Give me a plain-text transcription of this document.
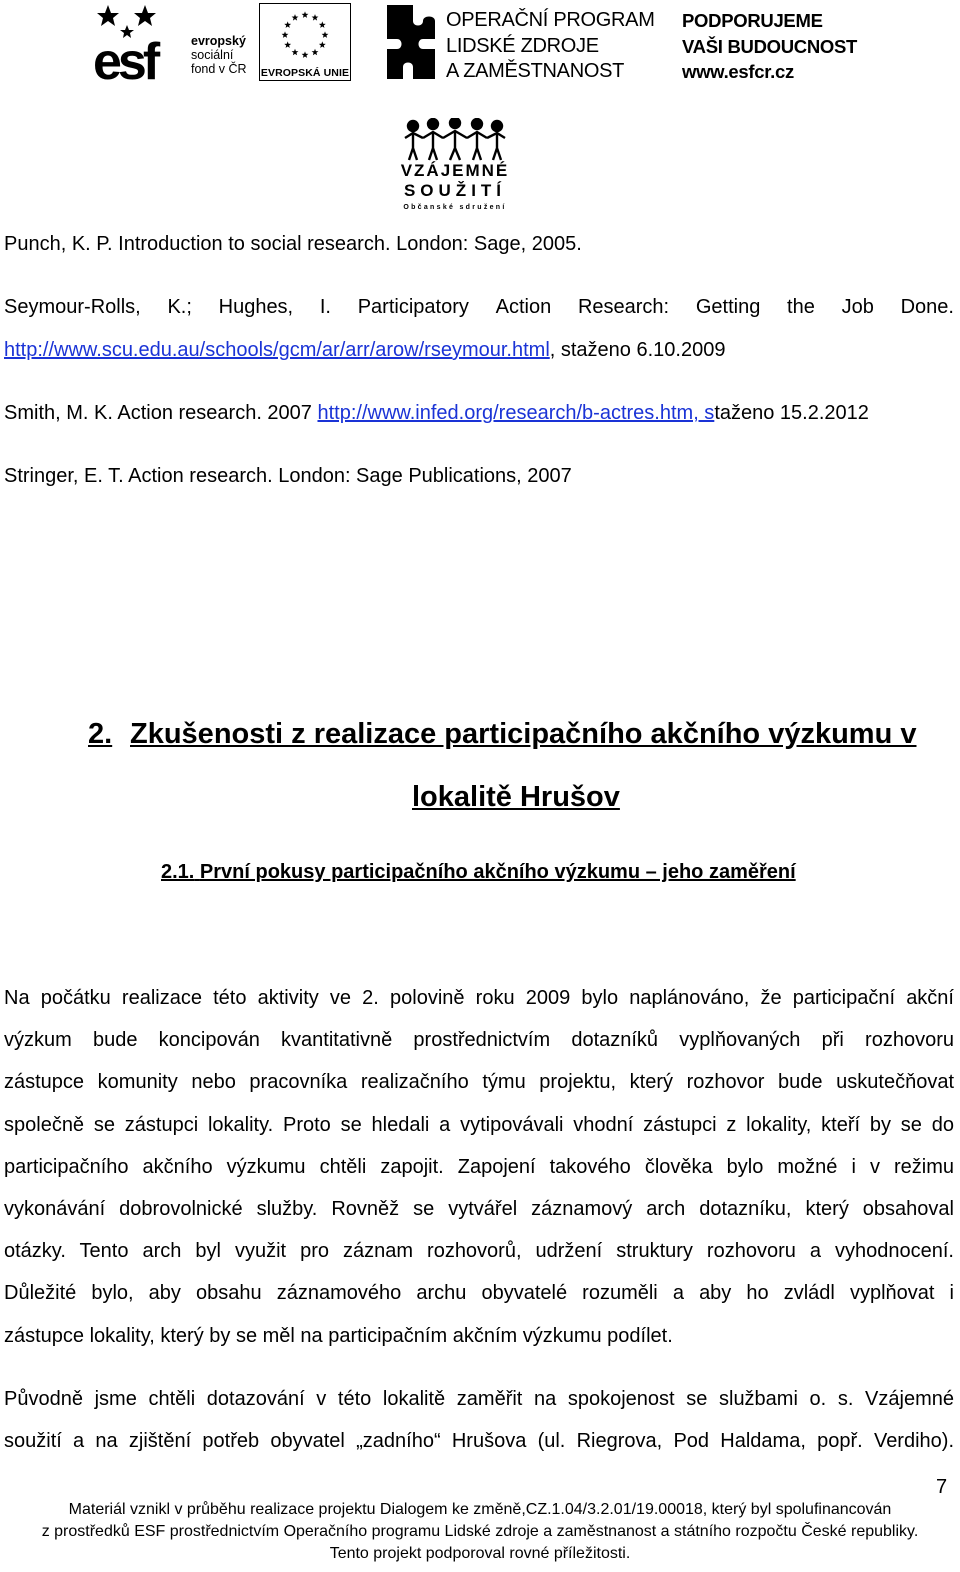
esf	evropský
sociální
fond v ČR EVROPSKÁ UNIE
OPERAČNÍ PROGRAM
LIDSKÉ ZDROJE
A ZAMĚSTNANOST
PODPORUJEME
VAŠI BUDOUCNOST
www.esfcr.cz
VZÁJEMNÉ
SOUŽITÍ
Občanské sdružení
Punch, K. P. Introduction to social research. London: Sage, 2005.
Seymour-Rolls, K.; Hughes, I. Participatory Action Research: Getting the Job Done.
http://www.scu.edu.au/schools/gcm/ar/arr/arow/rseymour.html, staženo 6.10.2009
Smith, M. K. Action research. 2007 http://www.infed.org/research/b-actres.htm, staženo 15.2.2012
Stringer, E. T. Action research. London: Sage Publications, 2007
2. Zkušenosti z realizace participačního akčního výzkumu v
lokalitě Hrušov
2.1. První pokusy participačního akčního výzkumu – jeho zaměření
Na počátku realizace této aktivity ve 2. polovině roku 2009 bylo naplánováno, že participační akční
výzkum bude koncipován kvantitativně prostřednictvím dotazníků vyplňovaných při rozhovoru
zástupce komunity nebo pracovníka realizačního týmu projektu, který rozhovor bude uskutečňovat
společně se zástupci lokality. Proto se hledali a vytipovávali vhodní zástupci z lokality, kteří by se do
participačního akčního výzkumu chtěli zapojit. Zapojení takového člověka bylo možné i v režimu
vykonávání dobrovolnické služby. Rovněž se vytvářel záznamový arch dotazníku, který obsahoval
otázky. Tento arch byl využit pro záznam rozhovorů, udržení struktury rozhovoru a vyhodnocení.
Důležité bylo, aby obsahu záznamového archu obyvatelé rozuměli a aby ho zvládl vyplňovat i
zástupce lokality, který by se měl na participačním akčním výzkumu podílet.
Původně jsme chtěli dotazování v této lokalitě zaměřit na spokojenost se službami o. s. Vzájemné
soužití a na zjištění potřeb obyvatel „zadního“ Hrušova (ul. Riegrova, Pod Haldama, popř. Verdiho).
7
Materiál vznikl v průběhu realizace projektu Dialogem ke změně,CZ.1.04/3.2.01/19.00018, který byl spolufinancován
z prostředků ESF prostřednictvím Operačního programu Lidské zdroje a zaměstnanost a státního rozpočtu České republiky.
Tento projekt podporoval rovné příležitosti.
